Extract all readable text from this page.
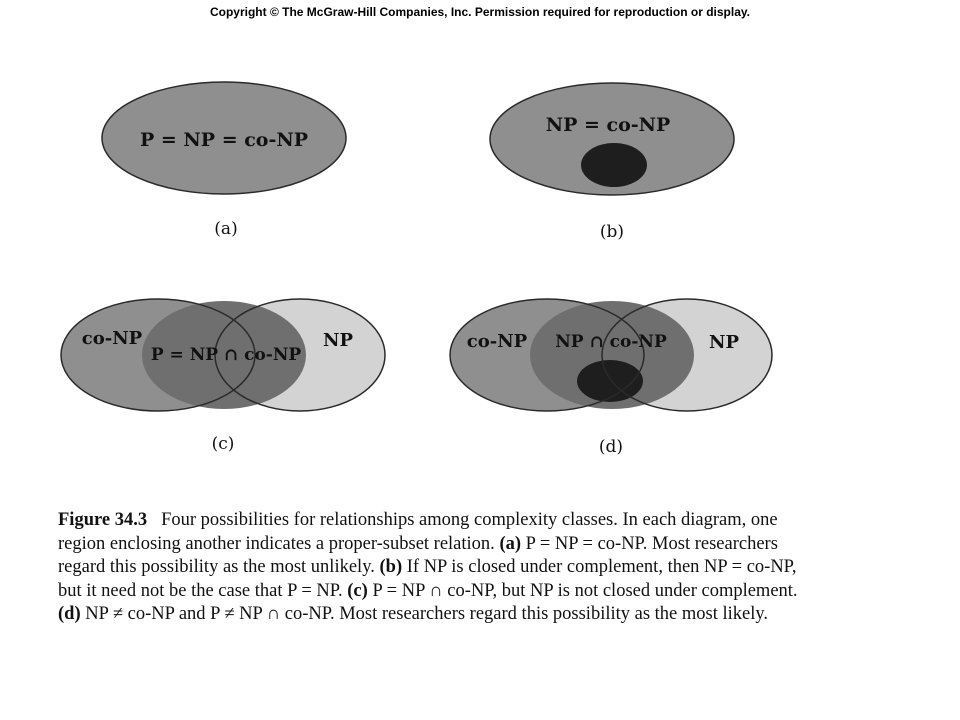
Copyright © The McGraw-Hill Companies, Inc. Permission required for reproduction or display.
P = NP = co-NP
(a)
NP = co-NP
(b)
co-NP	NP
P = NP ∩ co-NP
(c)
co-NP	NP
NP ∩ co-NP
(d)
Figure 34.3 Four possibilities for relationships among complexity classes. In each diagram, one
region enclosing another indicates a proper-subset relation. (a) P = NP = co-NP. Most researchers
regard this possibility as the most unlikely. (b) If NP is closed under complement, then NP = co-NP,
but it need not be the case that P = NP. (c) P = NP ∩ co-NP, but NP is not closed under complement.
(d) NP ≠ co-NP and P ≠ NP ∩ co-NP. Most researchers regard this possibility as the most likely.
